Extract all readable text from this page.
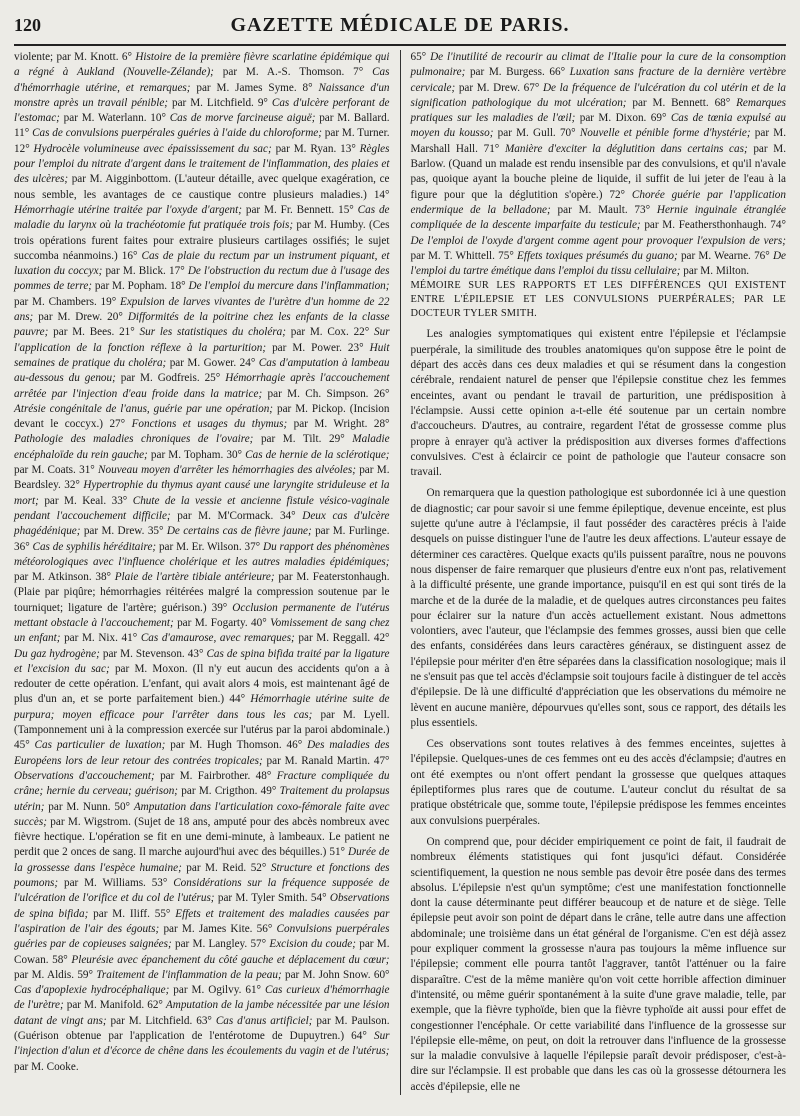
120	GAZETTE MÉDICALE DE PARIS.

violente; par M. Knott. 6° Histoire de la première fièvre scarlatine épidémique qui a régné à Aukland (Nouvelle-Zélande); par M. A.-S. Thomson. 7° Cas d'hémorrhagie utérine, et remarques; par M. James Syme. 8° Naissance d'un monstre après un travail pénible; par M. Litchfield. 9° Cas d'ulcère perforant de l'estomac; par M. Waterlann. 10° Cas de morve farcineuse aiguë; par M. Ballard. 11° Cas de convulsions puerpérales guéries à l'aide du chloroforme; par M. Turner. 12° Hydrocèle volumineuse avec épaississement du sac; par M. Ryan. 13° Règles pour l'emploi du nitrate d'argent dans le traitement de l'inflammation, des plaies et des ulcères; par M. Aigginbottom. (L'auteur détaille, avec quelque exagération, ce nous semble, les avantages de ce caustique contre plusieurs maladies.) 14° Hémorrhagie utérine traitée par l'oxyde d'argent; par M. Fr. Bennett. 15° Cas de maladie du larynx où la trachéotomie fut pratiquée trois fois; par M. Humby. (Ces trois opérations furent faites pour extraire plusieurs cartilages ossifiés; le sujet succomba néanmoins.) 16° Cas de plaie du rectum par un instrument piquant, et luxation du coccyx; par M. Blick. 17° De l'obstruction du rectum due à l'usage des pommes de terre; par M. Popham. 18° De l'emploi du mercure dans l'inflammation; par M. Chambers. 19° Expulsion de larves vivantes de l'urètre d'un homme de 22 ans; par M. Drew. 20° Difformités de la poitrine chez les enfants de la classe pauvre; par M. Bees. 21° Sur les statistiques du choléra; par M. Cox. 22° Sur l'application de la fonction réflexe à la parturition; par M. Power. 23° Huit semaines de pratique du choléra; par M. Gower. 24° Cas d'amputation à lambeau au-dessous du genou; par M. Godfreis. 25° Hémorrhagie après l'accouchement arrêtée par l'injection d'eau froide dans la matrice; par M. Ch. Simpson. 26° Atrésie congénitale de l'anus, guérie par une opération; par M. Pickop. (Incision devant le coccyx.) 27° Fonctions et usages du thymus; par M. Wright. 28° Pathologie des maladies chroniques de l'ovaire; par M. Tilt. 29° Maladie encéphaloïde du rein gauche; par M. Topham. 30° Cas de hernie de la sclérotique; par M. Coats. 31° Nouveau moyen d'arrêter les hémorrhagies des alvéoles; par M. Beardsley. 32° Hypertrophie du thymus ayant causé une laryngite striduleuse et la mort; par M. Keal. 33° Chute de la vessie et ancienne fistule vésico-vaginale pendant l'accouchement difficile; par M. M'Cormack. 34° Deux cas d'ulcère phagédénique; par M. Drew. 35° De certains cas de fièvre jaune; par M. Furlinge. 36° Cas de syphilis héréditaire; par M. Er. Wilson. 37° Du rapport des phénomènes météorologiques avec l'influence cholérique et les autres maladies épidémiques; par M. Atkinson. 38° Plaie de l'artère tibiale antérieure; par M. Featerstonhaugh. (Plaie par piqûre; hémorrhagies réitérées malgré la compression soutenue par le tourniquet; ligature de l'artère; guérison.) 39° Occlusion permanente de l'utérus mettant obstacle à l'accouchement; par M. Fogarty. 40° Vomissement de sang chez un enfant; par M. Nix. 41° Cas d'amaurose, avec remarques; par M. Reggall. 42° Du gaz hydrogène; par M. Stevenson. 43° Cas de spina bifida traité par la ligature et l'excision du sac; par M. Moxon. (Il n'y eut aucun des accidents qu'on a à redouter de cette opération. L'enfant, qui avait alors 4 mois, est maintenant âgé de plus d'un an, et se porte parfaitement bien.) 44° Hémorrhagie utérine suite de purpura; moyen efficace pour l'arrêter dans tous les cas; par M. Lyell. (Tamponnement uni à la compression exercée sur l'utérus par la paroi abdominale.) 45° Cas particulier de luxation; par M. Hugh Thomson. 46° Des maladies des Européens lors de leur retour des contrées tropicales; par M. Ranald Martin. 47° Observations d'accouchement; par M. Fairbrother. 48° Fracture compliquée du crâne; hernie du cerveau; guérison; par M. Crigthon. 49° Traitement du prolapsus utérin; par M. Nunn. 50° Amputation dans l'articulation coxo-fémorale faite avec succès; par M. Wigstrom. (Sujet de 18 ans, amputé pour des abcès nombreux avec fièvre hectique. L'opération se fit en une demi-minute, à lambeaux. Le patient ne perdit que 2 onces de sang. Il marche aujourd'hui avec des béquilles.) 51° Durée de la grossesse dans l'espèce humaine; par M. Reid. 52° Structure et fonctions des poumons; par M. Williams. 53° Considérations sur la fréquence supposée de l'ulcération de l'orifice et du col de l'utérus; par M. Tyler Smith. 54° Observations de spina bifida; par M. Iliff. 55° Effets et traitement des maladies causées par l'aspiration de l'air des égouts; par M. James Kite. 56° Convulsions puerpérales guéries par de copieuses saignées; par M. Langley. 57° Excision du coude; par M. Cowan. 58° Pleurésie avec épanchement du côté gauche et déplacement du cœur; par M. Aldis. 59° Traitement de l'inflammation de la peau; par M. John Snow. 60° Cas d'apoplexie hydrocéphalique; par M. Ogilvy. 61° Cas curieux d'hémorrhagie de l'urètre; par M. Manifold. 62° Amputation de la jambe nécessitée par une lésion datant de vingt ans; par M. Litchfield. 63° Cas d'anus artificiel; par M. Paulson. (Guérison obtenue par l'application de l'entérotome de Dupuytren.) 64° Sur l'injection d'alun et d'écorce de chêne dans les écoulements du vagin et de l'utérus; par M. Cooke.

65° De l'inutilité de recourir au climat de l'Italie pour la cure de la consomption pulmonaire; par M. Burgess. 66° Luxation sans fracture de la dernière vertèbre cervicale; par M. Drew. 67° De la fréquence de l'ulcération du col utérin et de la signification pathologique du mot ulcération; par M. Bennett. 68° Remarques pratiques sur les maladies de l'œil; par M. Dixon. 69° Cas de tœnia expulsé au moyen du kousso; par M. Gull. 70° Nouvelle et pénible forme d'hystérie; par M. Marshall Hall. 71° Manière d'exciter la déglutition dans certains cas; par M. Barlow. (Quand un malade est rendu insensible par des convulsions, et qu'il n'avale pas, quoique ayant la bouche pleine de liquide, il suffit de lui jeter de l'eau à la figure pour que la déglutition s'opère.) 72° Chorée guérie par l'application endermique de la belladone; par M. Mault. 73° Hernie inguinale étranglée compliquée de la descente imparfaite du testicule; par M. Feathersthonhaugh. 74° De l'emploi de l'oxyde d'argent comme agent pour provoquer l'expulsion de vers; par M. T. Whittell. 75° Effets toxiques présumés du guano; par M. Wearne. 76° De l'emploi du tartre émétique dans l'emploi du tissu cellulaire; par M. Milton.

MÉMOIRE SUR LES RAPPORTS ET LES DIFFÉRENCES QUI EXISTENT ENTRE L'ÉPILEPSIE ET LES CONVULSIONS PUERPÉRALES; PAR LE DOCTEUR TYLER SMITH.

Les analogies symptomatiques qui existent entre l'épilepsie et l'éclampsie puerpérale, la similitude des troubles anatomiques qu'on suppose être le point de départ des accès dans ces deux maladies et qui se résument dans la congestion cérébrale, rendaient naturel de penser que l'épilepsie constitue chez les femmes enceintes, avant ou pendant le travail de parturition, une prédisposition à l'éclampsie. Aussi cette opinion a-t-elle été soutenue par un certain nombre d'accoucheurs. D'autres, au contraire, regardent l'état de grossesse comme plus propre à enrayer qu'à activer la prédisposition aux diverses formes d'affections convulsives. C'est à éclaircir ce point de pathologie que l'auteur consacre son travail.

On remarquera que la question pathologique est subordonnée ici à une question de diagnostic; car pour savoir si une femme épileptique, devenue enceinte, est plus sujette qu'une autre à l'éclampsie, il faut posséder des caractères précis à l'aide desquels on puisse distinguer l'une de l'autre les deux affections. L'auteur essaye de déterminer ces caractères. Quelque exacts qu'ils puissent paraître, nous ne pouvons nous dispenser de faire remarquer que plusieurs d'entre eux n'ont pas, relativement à la difficulté présente, une grande importance, puisqu'il en est qui sont tirés de la marche et de la durée de la maladie, et de quelques autres circonstances peu faites pour éclairer sur la nature d'un accès actuellement existant. Nous admettons volontiers, avec l'auteur, que l'éclampsie des femmes grosses, aussi bien que celle des enfants, considérées dans leurs caractères généraux, se distinguent assez de l'épilepsie pour mériter d'en être séparées dans la classification nosologique; mais il ne s'ensuit pas que tel accès d'éclampsie soit toujours facile à distinguer de tel accès d'épilepsie. De là une difficulté d'appréciation que les observations du mémoire ne lèvent en aucune manière, dépourvues qu'elles sont, sous ce rapport, des détails les plus essentiels.

Ces observations sont toutes relatives à des femmes enceintes, sujettes à l'épilepsie. Quelques-unes de ces femmes ont eu des accès d'éclampsie; d'autres en ont été exemptes ou n'ont offert pendant la grossesse que quelques attaques épileptiformes plus rares que de coutume. L'auteur conclut du résultat de sa pratique obstétricale que, somme toute, l'épilepsie prédispose les femmes enceintes aux convulsions puerpérales.

On comprend que, pour décider empiriquement ce point de fait, il faudrait de nombreux éléments statistiques qui font jusqu'ici défaut. Considérée scientifiquement, la question ne nous semble pas devoir être posée dans des termes absolus. L'épilepsie n'est qu'un symptôme; c'est une manifestation fonctionnelle dont la cause déterminante peut différer beaucoup et de nature et de siège. Telle épilepsie peut avoir son point de départ dans le crâne, telle autre dans une affection abdominale; une troisième dans un état général de l'organisme. C'en est déjà assez pour expliquer comment la grossesse n'aura pas toujours la même influence sur l'épilepsie; comment elle pourra tantôt l'aggraver, tantôt l'atténuer ou la faire disparaître. C'est de la même manière qu'on voit cette horrible affection diminuer d'intensité, ou même guérir spontanément à la suite d'une grave maladie, telle, par exemple, que la fièvre typhoïde, bien que la fièvre typhoïde ait aussi pour effet de congestionner l'encéphale. Or cette variabilité dans l'influence de la grossesse sur l'épilepsie elle-même, on peut, on doit la retrouver dans l'influence de la grossesse sur la maladie convulsive à laquelle l'épilepsie paraît devoir prédisposer, c'est-à-dire sur l'éclampsie. Il est probable que dans les cas où la grossesse détournera les accès d'épilepsie, elle ne
